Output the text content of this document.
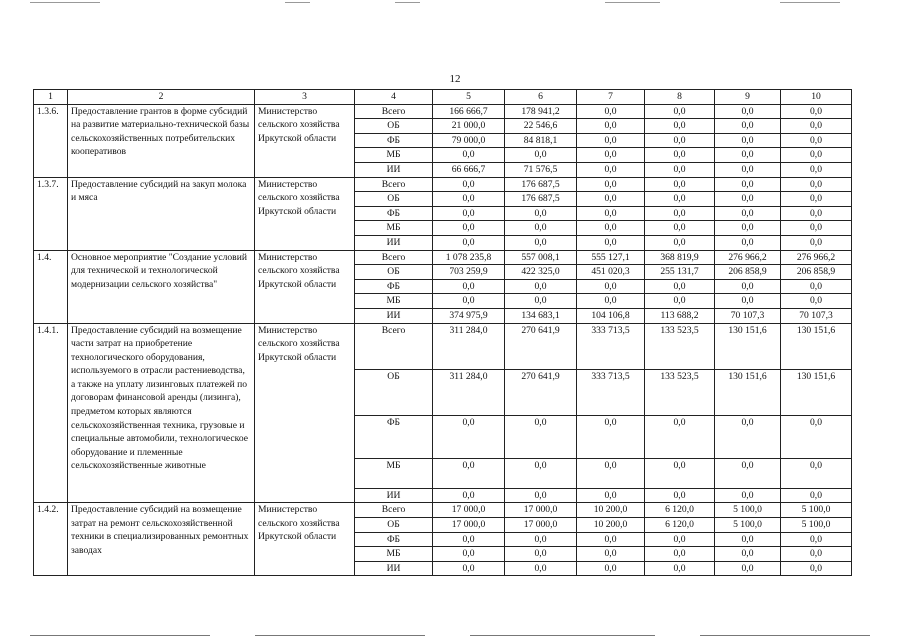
12
1	2	3	4	5	6	7	8	9	10
1.3.6.	Предоставление грантов в форме субсидий на развитие материально-технической базы сельскохозяйственных потребительских кооперативов	Министерство сельского хозяйства Иркутской области	Всего	166 666,7	178 941,2	0,0	0,0	0,0	0,0
			ОБ	21 000,0	22 546,6	0,0	0,0	0,0	0,0
			ФБ	79 000,0	84 818,1	0,0	0,0	0,0	0,0
			МБ	0,0	0,0	0,0	0,0	0,0	0,0
			ИИ	66 666,7	71 576,5	0,0	0,0	0,0	0,0
1.3.7.	Предоставление субсидий на закуп молока и мяса	Министерство сельского хозяйства Иркутской области	Всего	0,0	176 687,5	0,0	0,0	0,0	0,0
			ОБ	0,0	176 687,5	0,0	0,0	0,0	0,0
			ФБ	0,0	0,0	0,0	0,0	0,0	0,0
			МБ	0,0	0,0	0,0	0,0	0,0	0,0
			ИИ	0,0	0,0	0,0	0,0	0,0	0,0
1.4.	Основное мероприятие "Создание условий для технической и технологической модернизации сельского хозяйства"	Министерство сельского хозяйства Иркутской области	Всего	1 078 235,8	557 008,1	555 127,1	368 819,9	276 966,2	276 966,2
			ОБ	703 259,9	422 325,0	451 020,3	255 131,7	206 858,9	206 858,9
			ФБ	0,0	0,0	0,0	0,0	0,0	0,0
			МБ	0,0	0,0	0,0	0,0	0,0	0,0
			ИИ	374 975,9	134 683,1	104 106,8	113 688,2	70 107,3	70 107,3
1.4.1.	Предоставление субсидий на возмещение части затрат на приобретение технологического оборудования, используемого в отрасли растениеводства, а также на уплату лизинговых платежей по договорам финансовой аренды (лизинга), предметом которых являются сельскохозяйственная техника, грузовые и специальные автомобили, технологическое оборудование и племенные сельскохозяйственные животные	Министерство сельского хозяйства Иркутской области	Всего	311 284,0	270 641,9	333 713,5	133 523,5	130 151,6	130 151,6
			ОБ	311 284,0	270 641,9	333 713,5	133 523,5	130 151,6	130 151,6
			ФБ	0,0	0,0	0,0	0,0	0,0	0,0
			МБ	0,0	0,0	0,0	0,0	0,0	0,0
			ИИ	0,0	0,0	0,0	0,0	0,0	0,0
1.4.2.	Предоставление субсидий на возмещение затрат на ремонт сельскохозяйственной техники в специализированных ремонтных заводах	Министерство сельского хозяйства Иркутской области	Всего	17 000,0	17 000,0	10 200,0	6 120,0	5 100,0	5 100,0
			ОБ	17 000,0	17 000,0	10 200,0	6 120,0	5 100,0	5 100,0
			ФБ	0,0	0,0	0,0	0,0	0,0	0,0
			МБ	0,0	0,0	0,0	0,0	0,0	0,0
			ИИ	0,0	0,0	0,0	0,0	0,0	0,0
